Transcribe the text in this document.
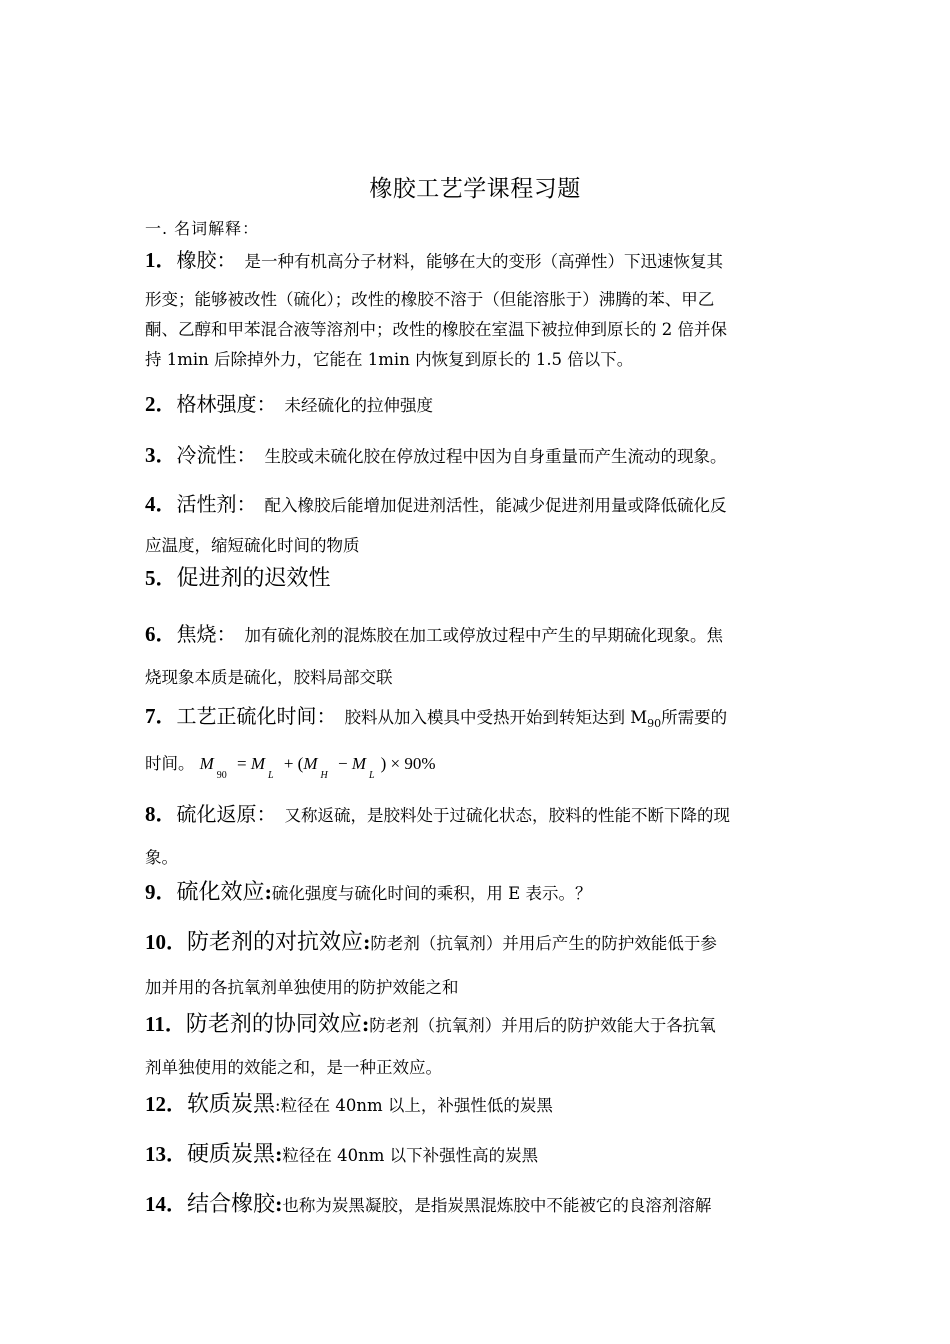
橡胶工艺学课程习题
一. 名词解释：
1．橡胶： 是一种有机高分子材料，能够在大的变形（高弹性）下迅速恢复其
形变；能够被改性（硫化）；改性的橡胶不溶于（但能溶胀于）沸腾的苯、甲乙
酮、乙醇和甲苯混合液等溶剂中；改性的橡胶在室温下被拉伸到原长的 2 倍并保
持 1min 后除掉外力，它能在 1min 内恢复到原长的 1.5 倍以下。
2．格林强度： 未经硫化的拉伸强度
3．冷流性： 生胶或未硫化胶在停放过程中因为自身重量而产生流动的现象。
4．活性剂： 配入橡胶后能增加促进剂活性，能减少促进剂用量或降低硫化反
应温度，缩短硫化时间的物质
5．促进剂的迟效性
6．焦烧： 加有硫化剂的混炼胶在加工或停放过程中产生的早期硫化现象。焦
烧现象本质是硫化，胶料局部交联
7．工艺正硫化时间： 胶料从加入模具中受热开始到转矩达到 $M_{90}$所需要的
时间。 $M_{90} = M_L + (M_H - M_L) \times 90\%$
8．硫化返原： 又称返硫，是胶料处于过硫化状态，胶料的性能不断下降的现
象。
9．硫化效应:硫化强度与硫化时间的乘积，用 E 表示。？
10．防老剂的对抗效应:防老剂（抗氧剂）并用后产生的防护效能低于参
加并用的各抗氧剂单独使用的防护效能之和
11．防老剂的协同效应:防老剂（抗氧剂）并用后的防护效能大于各抗氧
剂单独使用的效能之和，是一种正效应。
12．软质炭黑:粒径在 40nm 以上，补强性低的炭黑
13．硬质炭黑:粒径在 40nm 以下补强性高的炭黑
14．结合橡胶:也称为炭黑凝胶，是指炭黑混炼胶中不能被它的良溶剂溶解
